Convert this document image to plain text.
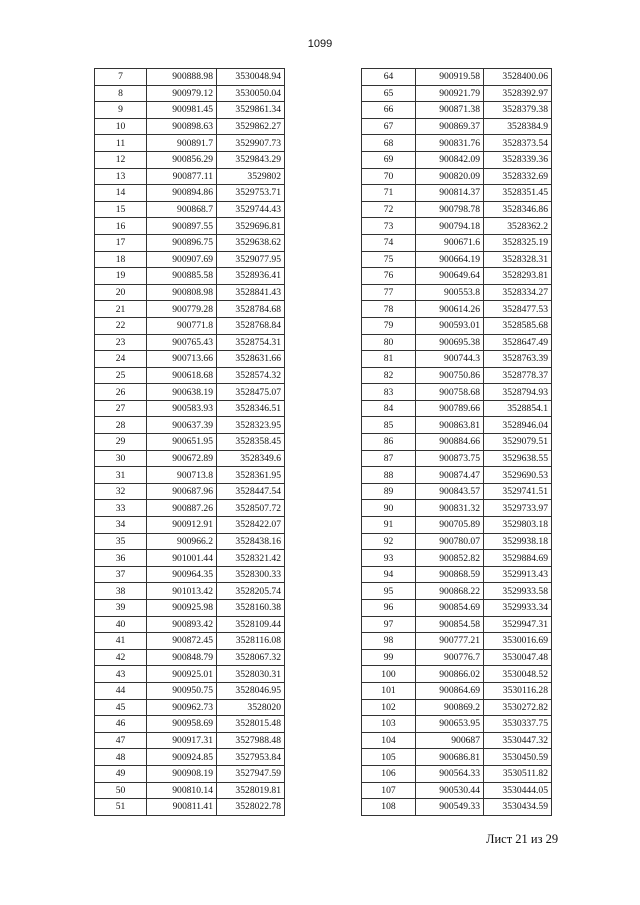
1099
7	900888.98	3530048.94
8	900979.12	3530050.04
9	900981.45	3529861.34
10	900898.63	3529862.27
11	900891.7	3529907.73
12	900856.29	3529843.29
13	900877.11	3529802
14	900894.86	3529753.71
15	900868.7	3529744.43
16	900897.55	3529696.81
17	900896.75	3529638.62
18	900907.69	3529077.95
19	900885.58	3528936.41
20	900808.98	3528841.43
21	900779.28	3528784.68
22	900771.8	3528768.84
23	900765.43	3528754.31
24	900713.66	3528631.66
25	900618.68	3528574.32
26	900638.19	3528475.07
27	900583.93	3528346.51
28	900637.39	3528323.95
29	900651.95	3528358.45
30	900672.89	3528349.6
31	900713.8	3528361.95
32	900687.96	3528447.54
33	900887.26	3528507.72
34	900912.91	3528422.07
35	900966.2	3528438.16
36	901001.44	3528321.42
37	900964.35	3528300.33
38	901013.42	3528205.74
39	900925.98	3528160.38
40	900893.42	3528109.44
41	900872.45	3528116.08
42	900848.79	3528067.32
43	900925.01	3528030.31
44	900950.75	3528046.95
45	900962.73	3528020
46	900958.69	3528015.48
47	900917.31	3527988.48
48	900924.85	3527953.84
49	900908.19	3527947.59
50	900810.14	3528019.81
51	900811.41	3528022.78
64	900919.58	3528400.06
65	900921.79	3528392.97
66	900871.38	3528379.38
67	900869.37	3528384.9
68	900831.76	3528373.54
69	900842.09	3528339.36
70	900820.09	3528332.69
71	900814.37	3528351.45
72	900798.78	3528346.86
73	900794.18	3528362.2
74	900671.6	3528325.19
75	900664.19	3528328.31
76	900649.64	3528293.81
77	900553.8	3528334.27
78	900614.26	3528477.53
79	900593.01	3528585.68
80	900695.38	3528647.49
81	900744.3	3528763.39
82	900750.86	3528778.37
83	900758.68	3528794.93
84	900789.66	3528854.1
85	900863.81	3528946.04
86	900884.66	3529079.51
87	900873.75	3529638.55
88	900874.47	3529690.53
89	900843.57	3529741.51
90	900831.32	3529733.97
91	900705.89	3529803.18
92	900780.07	3529938.18
93	900852.82	3529884.69
94	900868.59	3529913.43
95	900868.22	3529933.58
96	900854.69	3529933.34
97	900854.58	3529947.31
98	900777.21	3530016.69
99	900776.7	3530047.48
100	900866.02	3530048.52
101	900864.69	3530116.28
102	900869.2	3530272.82
103	900653.95	3530337.75
104	900687	3530447.32
105	900686.81	3530450.59
106	900564.33	3530511.82
107	900530.44	3530444.05
108	900549.33	3530434.59
Лист 21 из 29
